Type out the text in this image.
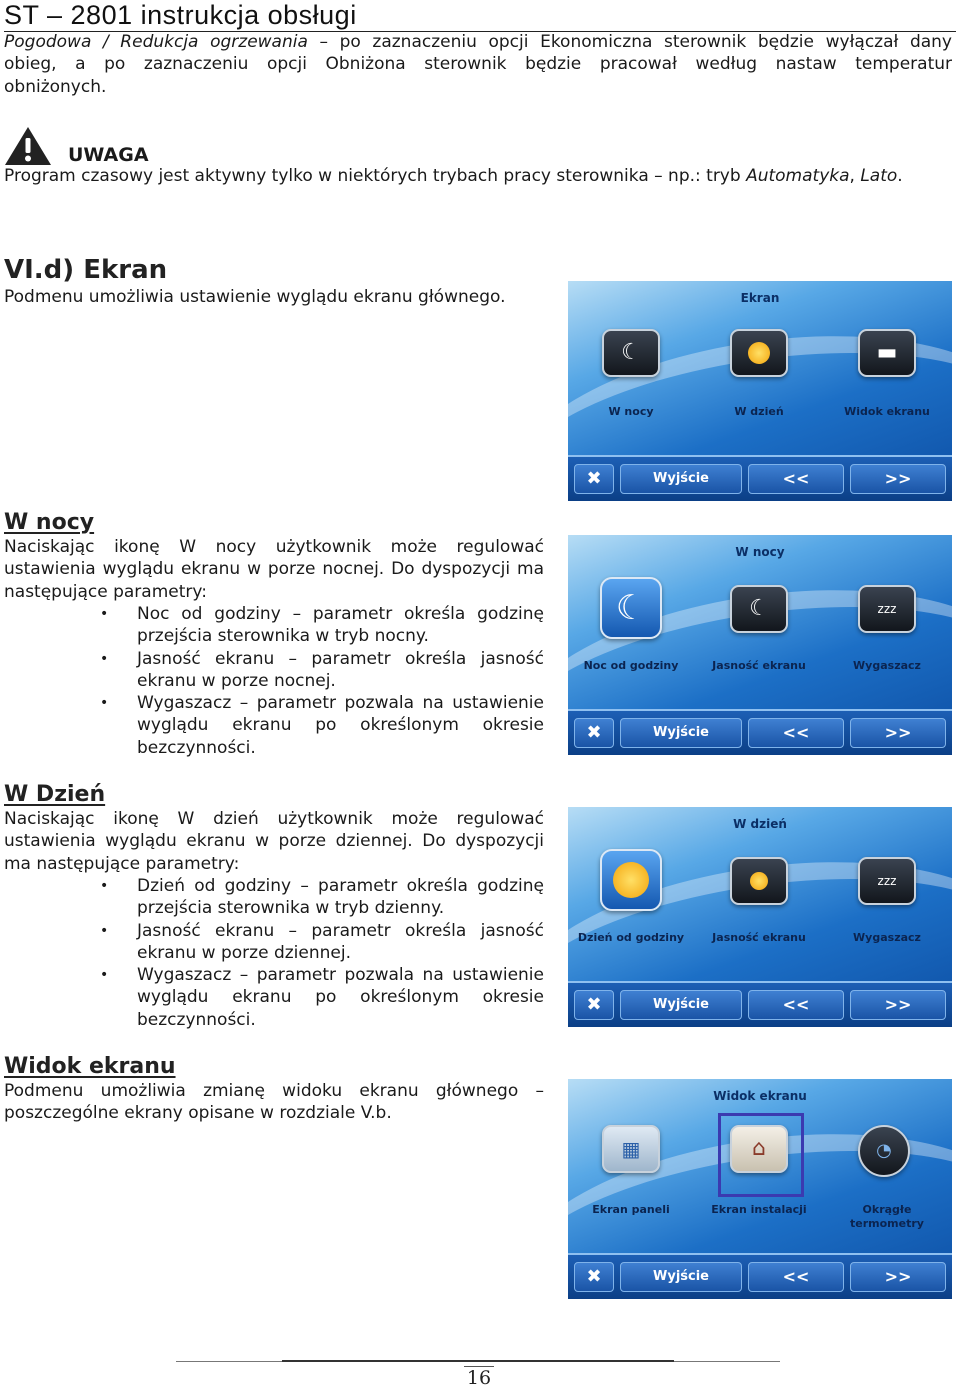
ST – 2801 instrukcja obsługi
Pogodowa / Redukcja ogrzewania – po zaznaczeniu opcji Ekonomiczna sterownik będzie wyłączał dany
obieg, a po zaznaczeniu opcji Obniżona sterownik będzie pracował według nastaw temperatur
obniżonych.
UWAGA
Program czasowy jest aktywny tylko w niektórych trybach pracy sterownika – np.: tryb Automatyka, Lato.
VI.d) Ekran
Podmenu umożliwia ustawienie wyglądu ekranu głównego.
W nocy
Naciskając ikonę W nocy użytkownik może regulować ustawienia wyglądu ekranu w porze nocnej. Do dyspozycji ma następujące parametry:
• Noc od godziny – parametr określa godzinę przejścia sterownika w tryb nocny.
• Jasność ekranu – parametr określa jasność ekranu w porze nocnej.
• Wygaszacz – parametr pozwala na ustawienie wyglądu ekranu po określonym okresie bezczynności.
W Dzień
Naciskając ikonę W dzień użytkownik może regulować ustawienia wyglądu ekranu w porze dziennej. Do dyspozycji ma następujące parametry:
• Dzień od godziny – parametr określa godzinę przejścia sterownika w tryb dzienny.
• Jasność ekranu – parametr określa jasność ekranu w porze dziennej.
• Wygaszacz – parametr pozwala na ustawienie wyglądu ekranu po określonym okresie bezczynności.
Widok ekranu
Podmenu umożliwia zmianę widoku ekranu głównego – poszczególne ekrany opisane w rozdziale V.b.
Ekran
☾	▬
W nocy	W dzień	Widok ekranu
✖	Wyjście	<<	>>
W nocy
☾	☾	zzz
Noc od godziny	Jasność ekranu	Wygaszacz
✖	Wyjście	<<	>>
W dzień
zzz
Dzień od godziny	Jasność ekranu	Wygaszacz
✖	Wyjście	<<	>>
Widok ekranu
▦	⌂	◔
Ekran paneli	Ekran instalacji	Okrągłe termometry
✖	Wyjście	<<	>>
16
